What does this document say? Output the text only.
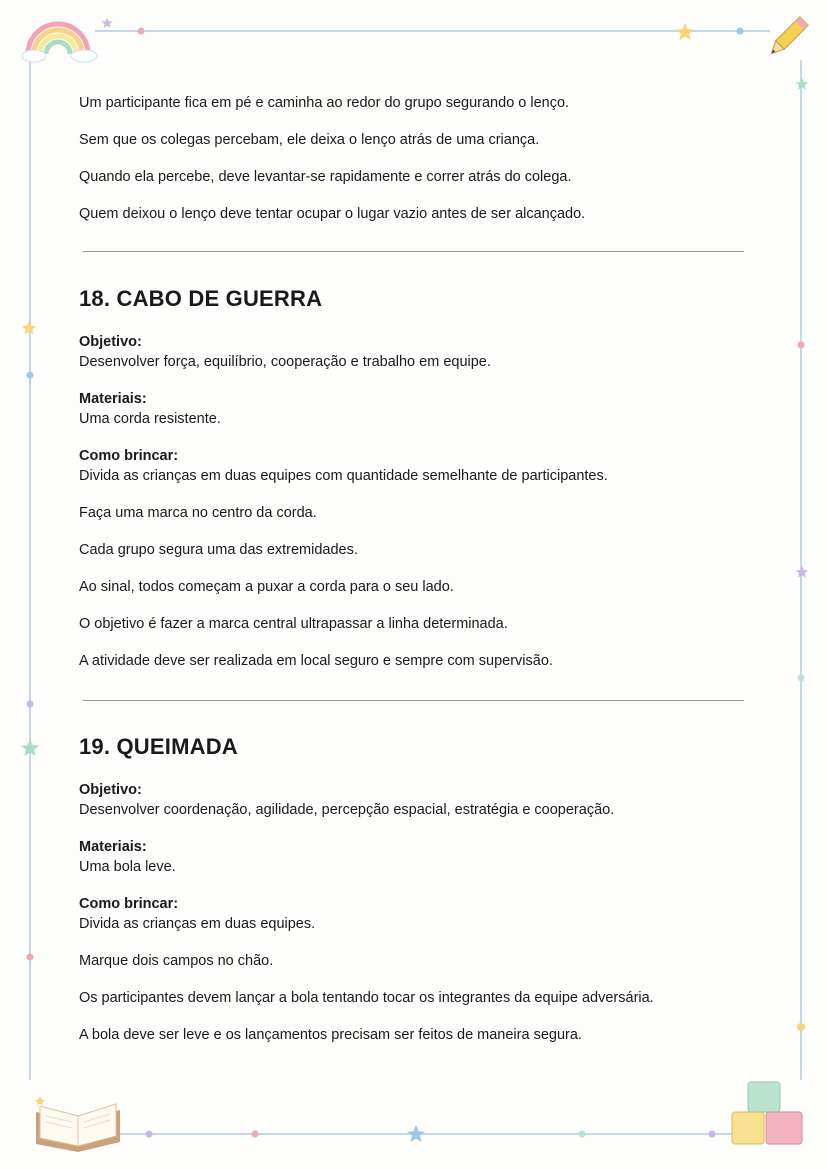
Um participante fica em pé e caminha ao redor do grupo segurando o lenço.

Sem que os colegas percebam, ele deixa o lenço atrás de uma criança.

Quando ela percebe, deve levantar-se rapidamente e correr atrás do colega.

Quem deixou o lenço deve tentar ocupar o lugar vazio antes de ser alcançado.

18. CABO DE GUERRA

Objetivo:

Desenvolver força, equilíbrio, cooperação e trabalho em equipe.

Materiais:

Uma corda resistente.

Como brincar:

Divida as crianças em duas equipes com quantidade semelhante de participantes.

Faça uma marca no centro da corda.

Cada grupo segura uma das extremidades.

Ao sinal, todos começam a puxar a corda para o seu lado.

O objetivo é fazer a marca central ultrapassar a linha determinada.

A atividade deve ser realizada em local seguro e sempre com supervisão.

19. QUEIMADA

Objetivo:

Desenvolver coordenação, agilidade, percepção espacial, estratégia e cooperação.

Materiais:

Uma bola leve.

Como brincar:

Divida as crianças em duas equipes.

Marque dois campos no chão.

Os participantes devem lançar a bola tentando tocar os integrantes da equipe adversária.

A bola deve ser leve e os lançamentos precisam ser feitos de maneira segura.
